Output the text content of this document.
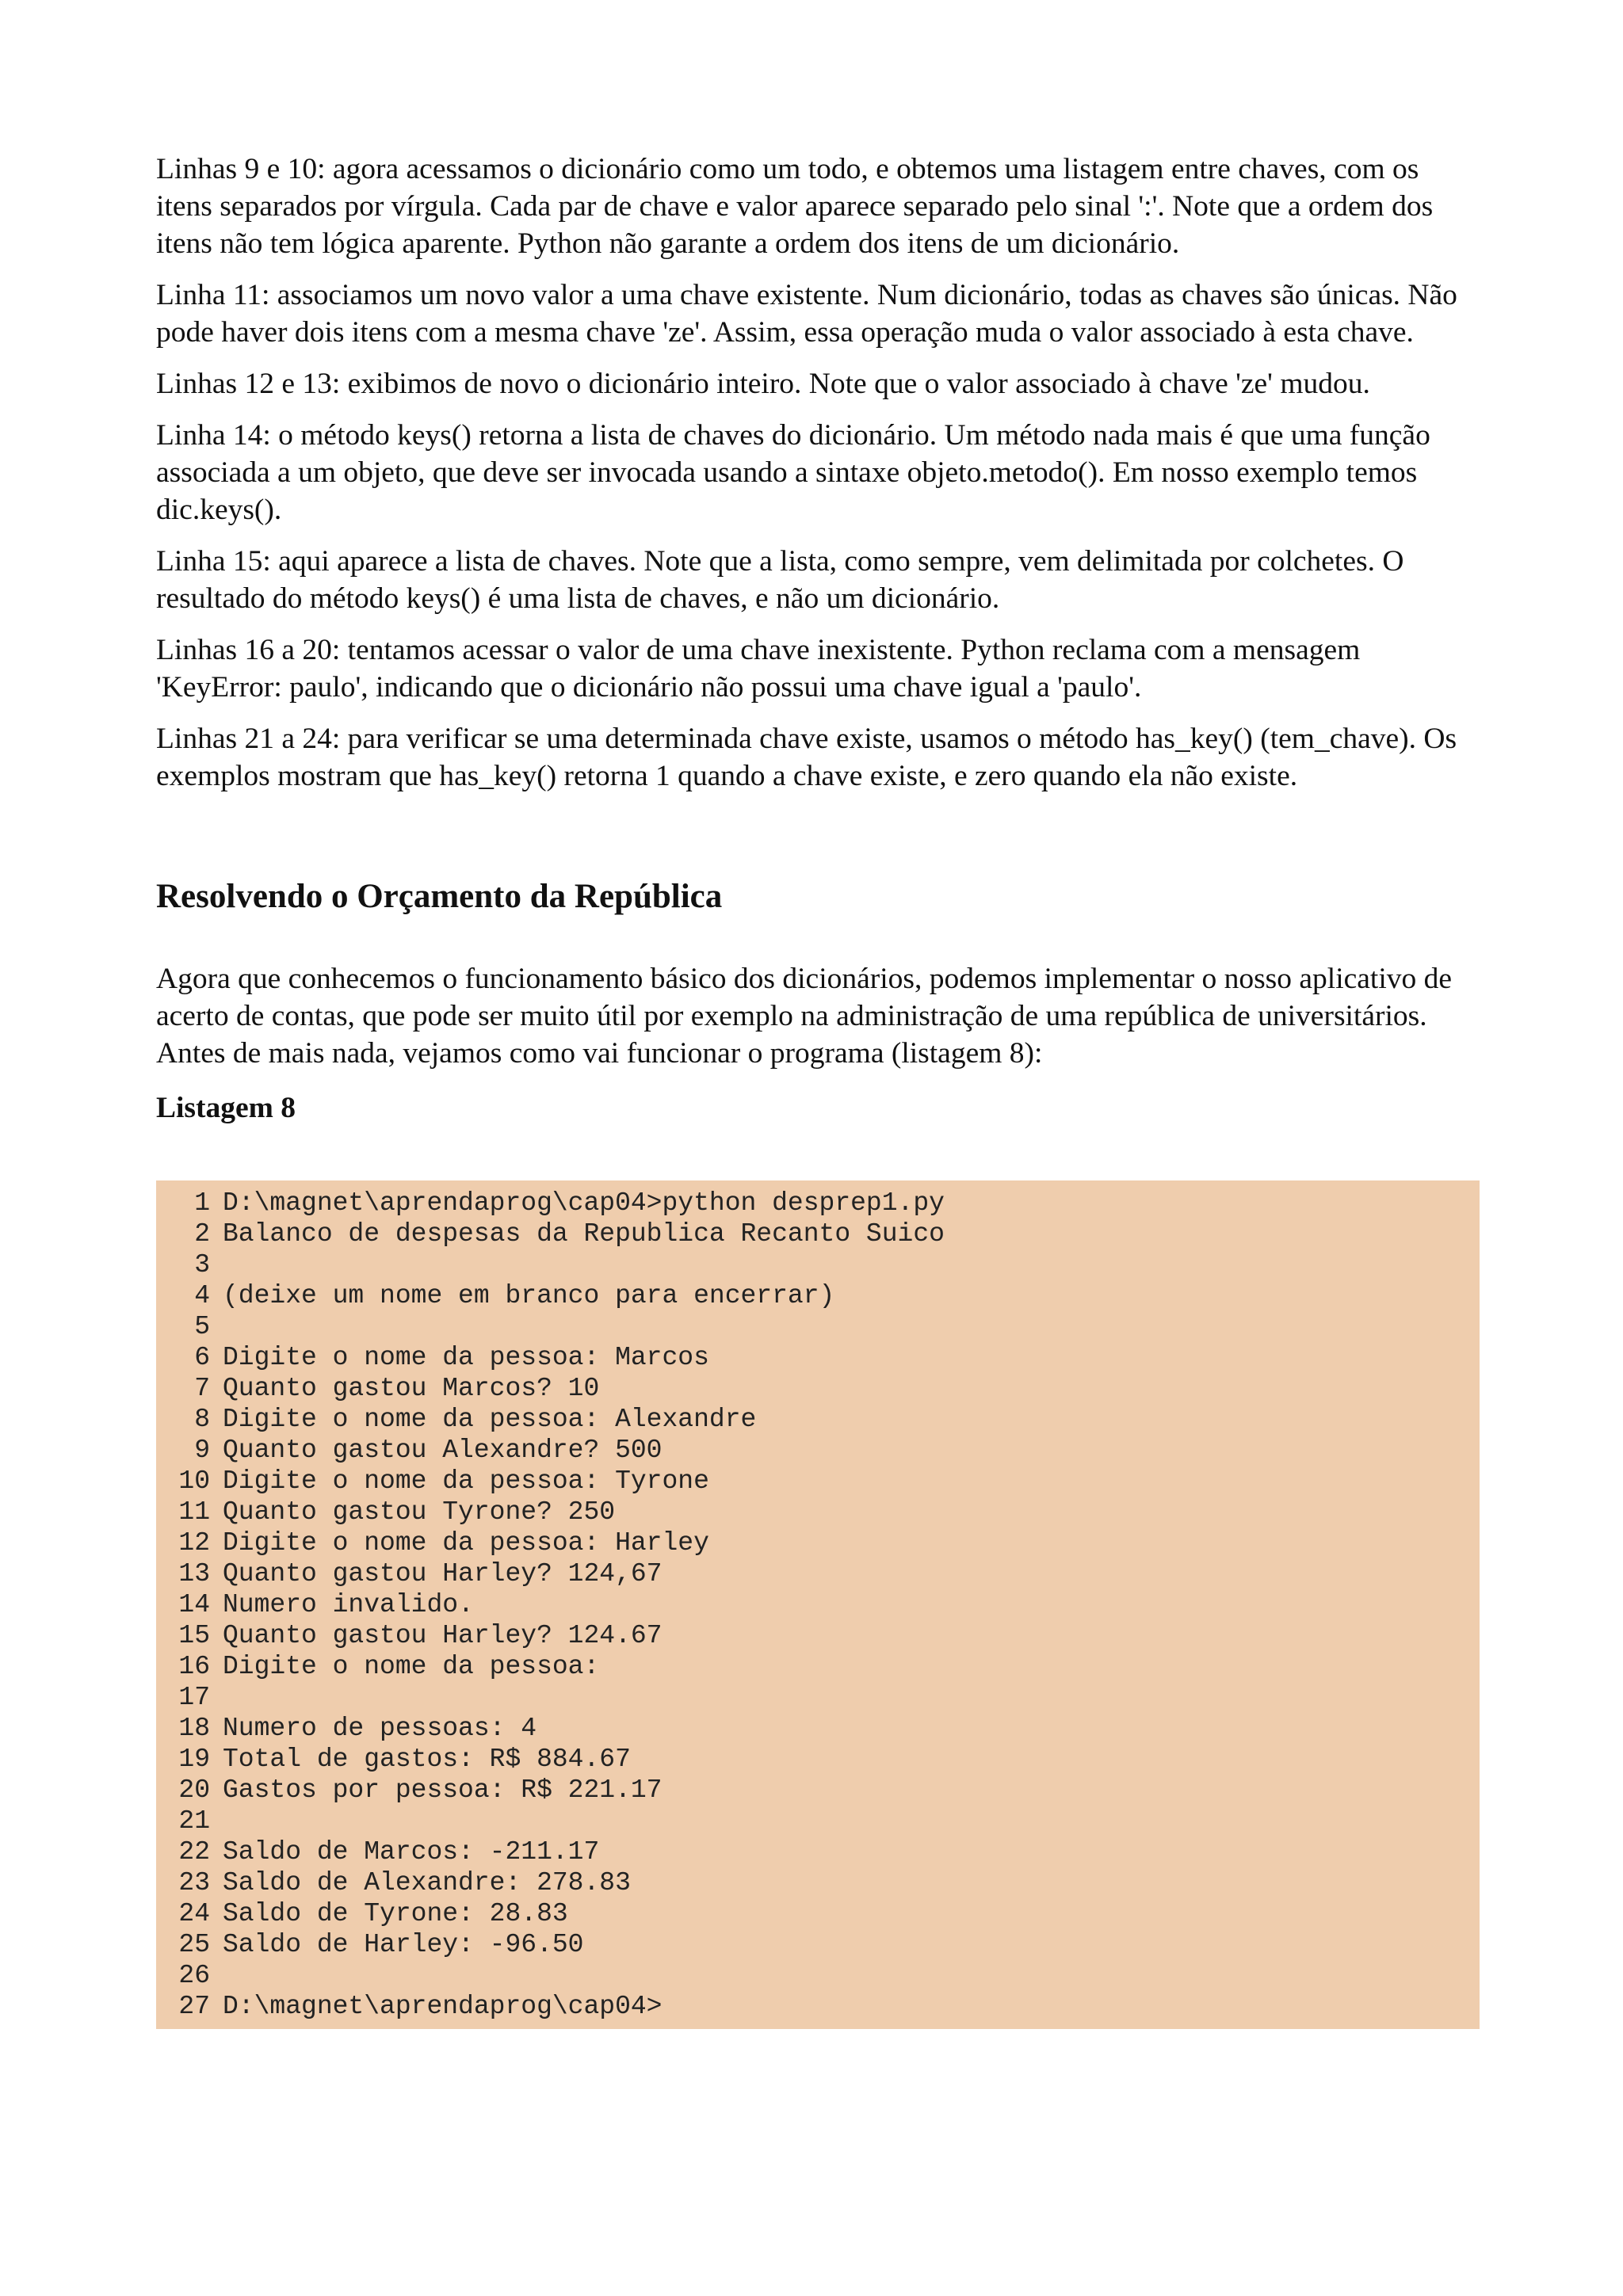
Linhas 9 e 10: agora acessamos o dicionário como um todo, e obtemos uma listagem entre chaves, com os itens separados por vírgula. Cada par de chave e valor aparece separado pelo sinal ':'. Note que a ordem dos itens não tem lógica aparente. Python não garante a ordem dos itens de um dicionário.

Linha 11: associamos um novo valor a uma chave existente. Num dicionário, todas as chaves são únicas. Não pode haver dois itens com a mesma chave 'ze'. Assim, essa operação muda o valor associado à esta chave.

Linhas 12 e 13: exibimos de novo o dicionário inteiro. Note que o valor associado à chave 'ze' mudou.

Linha 14: o método keys() retorna a lista de chaves do dicionário. Um método nada mais é que uma função associada a um objeto, que deve ser invocada usando a sintaxe objeto.metodo(). Em nosso exemplo temos dic.keys().

Linha 15: aqui aparece a lista de chaves. Note que a lista, como sempre, vem delimitada por colchetes. O resultado do método keys() é uma lista de chaves, e não um dicionário.

Linhas 16 a 20: tentamos acessar o valor de uma chave inexistente. Python reclama com a mensagem 'KeyError: paulo', indicando que o dicionário não possui uma chave igual a 'paulo'.

Linhas 21 a 24: para verificar se uma determinada chave existe, usamos o método has_key() (tem_chave). Os exemplos mostram que has_key() retorna 1 quando a chave existe, e zero quando ela não existe.

Resolvendo o Orçamento da República

Agora que conhecemos o funcionamento básico dos dicionários, podemos implementar o nosso aplicativo de acerto de contas, que pode ser muito útil por exemplo na administração de uma república de universitários. Antes de mais nada, vejamos como vai funcionar o programa (listagem 8):

Listagem 8
1 D:\magnet\aprendaprog\cap04>python desprep1.py
2 Balanco de despesas da Republica Recanto Suico
3
4 (deixe um nome em branco para encerrar)
5
6 Digite o nome da pessoa: Marcos
7 Quanto gastou Marcos? 10
8 Digite o nome da pessoa: Alexandre
9 Quanto gastou Alexandre? 500
10 Digite o nome da pessoa: Tyrone
11 Quanto gastou Tyrone? 250
12 Digite o nome da pessoa: Harley
13 Quanto gastou Harley? 124,67
14 Numero invalido.
15 Quanto gastou Harley? 124.67
16 Digite o nome da pessoa:
17
18 Numero de pessoas: 4
19 Total de gastos: R$ 884.67
20 Gastos por pessoa: R$ 221.17
21
22 Saldo de Marcos: -211.17
23 Saldo de Alexandre: 278.83
24 Saldo de Tyrone: 28.83
25 Saldo de Harley: -96.50
26
27 D:\magnet\aprendaprog\cap04>
